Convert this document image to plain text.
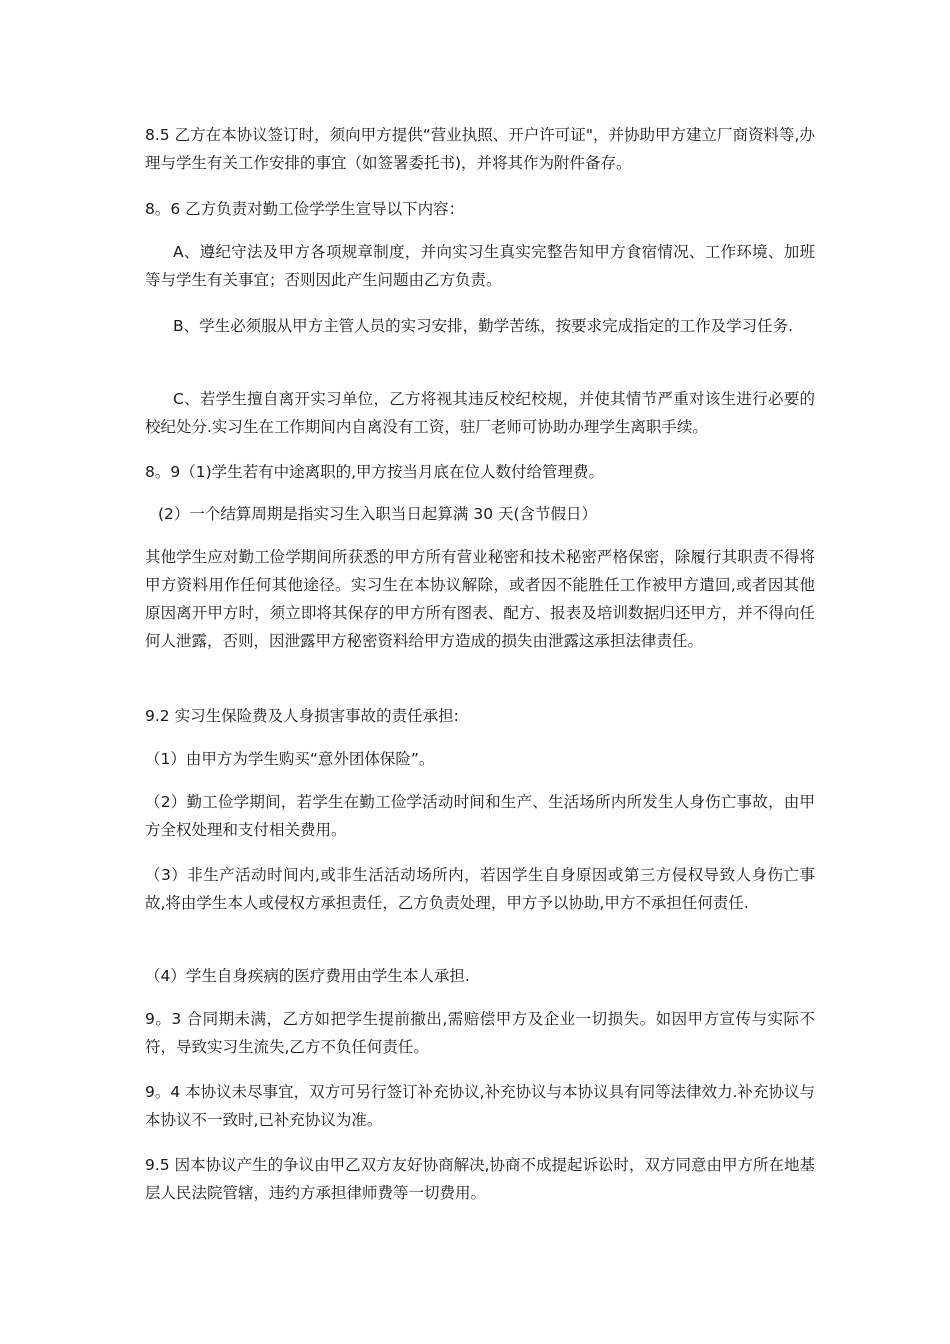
8.5 乙方在本协议签订时，须向甲方提供“营业执照、开户许可证"，并协助甲方建立厂商资料等,办理与学生有关工作安排的事宜（如签署委托书)，并将其作为附件备存。

8。6 乙方负责对勤工俭学学生宣导以下内容：

A、遵纪守法及甲方各项规章制度，并向实习生真实完整告知甲方食宿情况、工作环境、加班等与学生有关事宜；否则因此产生问题由乙方负责。

B、学生必须服从甲方主管人员的实习安排，勤学苦练，按要求完成指定的工作及学习任务.

C、若学生擅自离开实习单位，乙方将视其违反校纪校规，并使其情节严重对该生进行必要的校纪处分.实习生在工作期间内自离没有工资，驻厂老师可协助办理学生离职手续。

8。9（1)学生若有中途离职的,甲方按当月底在位人数付给管理费。

(2）一个结算周期是指实习生入职当日起算满 30 天(含节假日）

其他学生应对勤工俭学期间所获悉的甲方所有营业秘密和技术秘密严格保密，除履行其职责不得将甲方资料用作任何其他途径。实习生在本协议解除，或者因不能胜任工作被甲方遣回,或者因其他原因离开甲方时，须立即将其保存的甲方所有图表、配方、报表及培训数据归还甲方，并不得向任何人泄露，否则，因泄露甲方秘密资料给甲方造成的损失由泄露这承担法律责任。

9.2 实习生保险费及人身损害事故的责任承担:

（1）由甲方为学生购买“意外团体保险”。

（2）勤工俭学期间，若学生在勤工俭学活动时间和生产、生活场所内所发生人身伤亡事故，由甲方全权处理和支付相关费用。

（3）非生产活动时间内,或非生活活动场所内，若因学生自身原因或第三方侵权导致人身伤亡事故,将由学生本人或侵权方承担责任，乙方负责处理，甲方予以协助,甲方不承担任何责任.

（4）学生自身疾病的医疗费用由学生本人承担.

9。3 合同期未满，乙方如把学生提前撤出,需赔偿甲方及企业一切损失。如因甲方宣传与实际不符，导致实习生流失,乙方不负任何责任。

9。4 本协议未尽事宜，双方可另行签订补充协议,补充协议与本协议具有同等法律效力.补充协议与本协议不一致时,已补充协议为准。

9.5 因本协议产生的争议由甲乙双方友好协商解决,协商不成提起诉讼时，双方同意由甲方所在地基层人民法院管辖，违约方承担律师费等一切费用。
